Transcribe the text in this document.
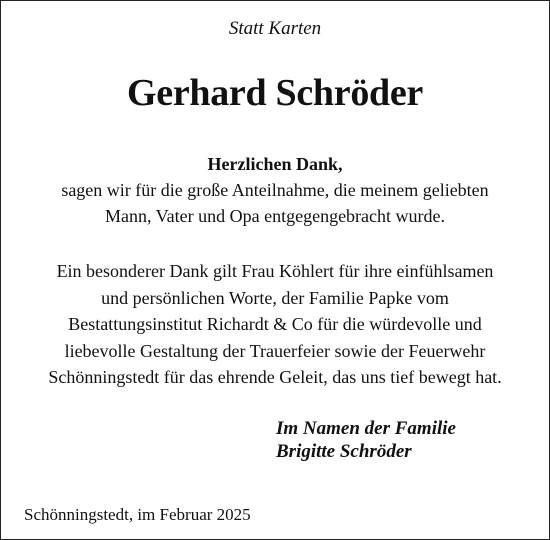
Statt Karten
Gerhard Schröder
Herzlichen Dank,
sagen wir für die große Anteilnahme, die meinem geliebten
Mann, Vater und Opa entgegengebracht wurde.
Ein besonderer Dank gilt Frau Köhlert für ihre einfühlsamen
und persönlichen Worte, der Familie Papke vom
Bestattungsinstitut Richardt & Co für die würdevolle und
liebevolle Gestaltung der Trauerfeier sowie der Feuerwehr
Schönningstedt für das ehrende Geleit, das uns tief bewegt hat.
Im Namen der Familie
Brigitte Schröder
Schönningstedt, im Februar 2025
